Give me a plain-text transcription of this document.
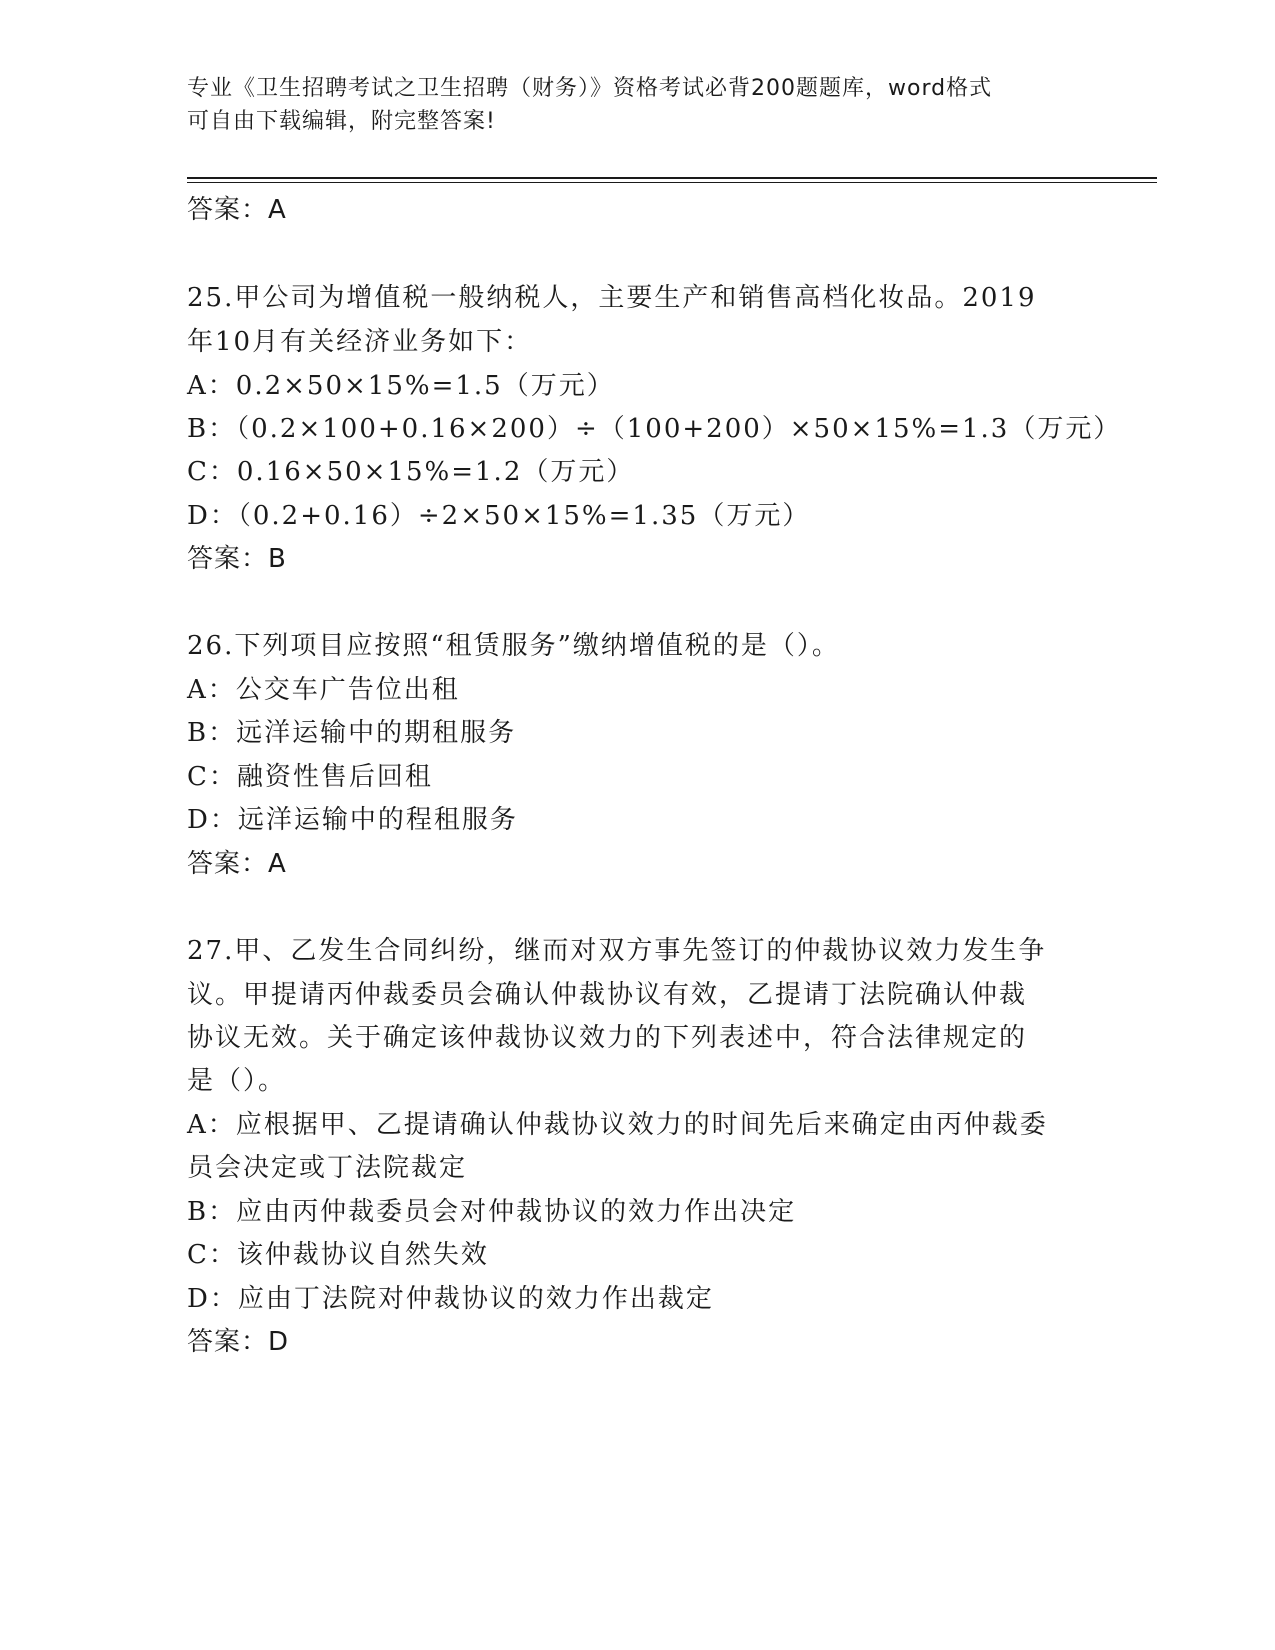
专业《卫生招聘考试之卫生招聘（财务）》资格考试必背200题题库，word格式
可自由下载编辑，附完整答案!
答案：A
25.甲公司为增值税一般纳税人，主要生产和销售高档化妆品。2019
年10月有关经济业务如下：
A：0.2×50×15%=1.5（万元）
B：（0.2×100+0.16×200）÷（100+200）×50×15%=1.3（万元）
C：0.16×50×15%=1.2（万元）
D：（0.2+0.16）÷2×50×15%=1.35（万元）
答案：B
26.下列项目应按照“租赁服务”缴纳增值税的是（）。
A：公交车广告位出租
B：远洋运输中的期租服务
C：融资性售后回租
D：远洋运输中的程租服务
答案：A
27.甲、乙发生合同纠纷，继而对双方事先签订的仲裁协议效力发生争
议。甲提请丙仲裁委员会确认仲裁协议有效，乙提请丁法院确认仲裁
协议无效。关于确定该仲裁协议效力的下列表述中，符合法律规定的
是（）。
A：应根据甲、乙提请确认仲裁协议效力的时间先后来确定由丙仲裁委
员会决定或丁法院裁定
B：应由丙仲裁委员会对仲裁协议的效力作出决定
C：该仲裁协议自然失效
D：应由丁法院对仲裁协议的效力作出裁定
答案：D
